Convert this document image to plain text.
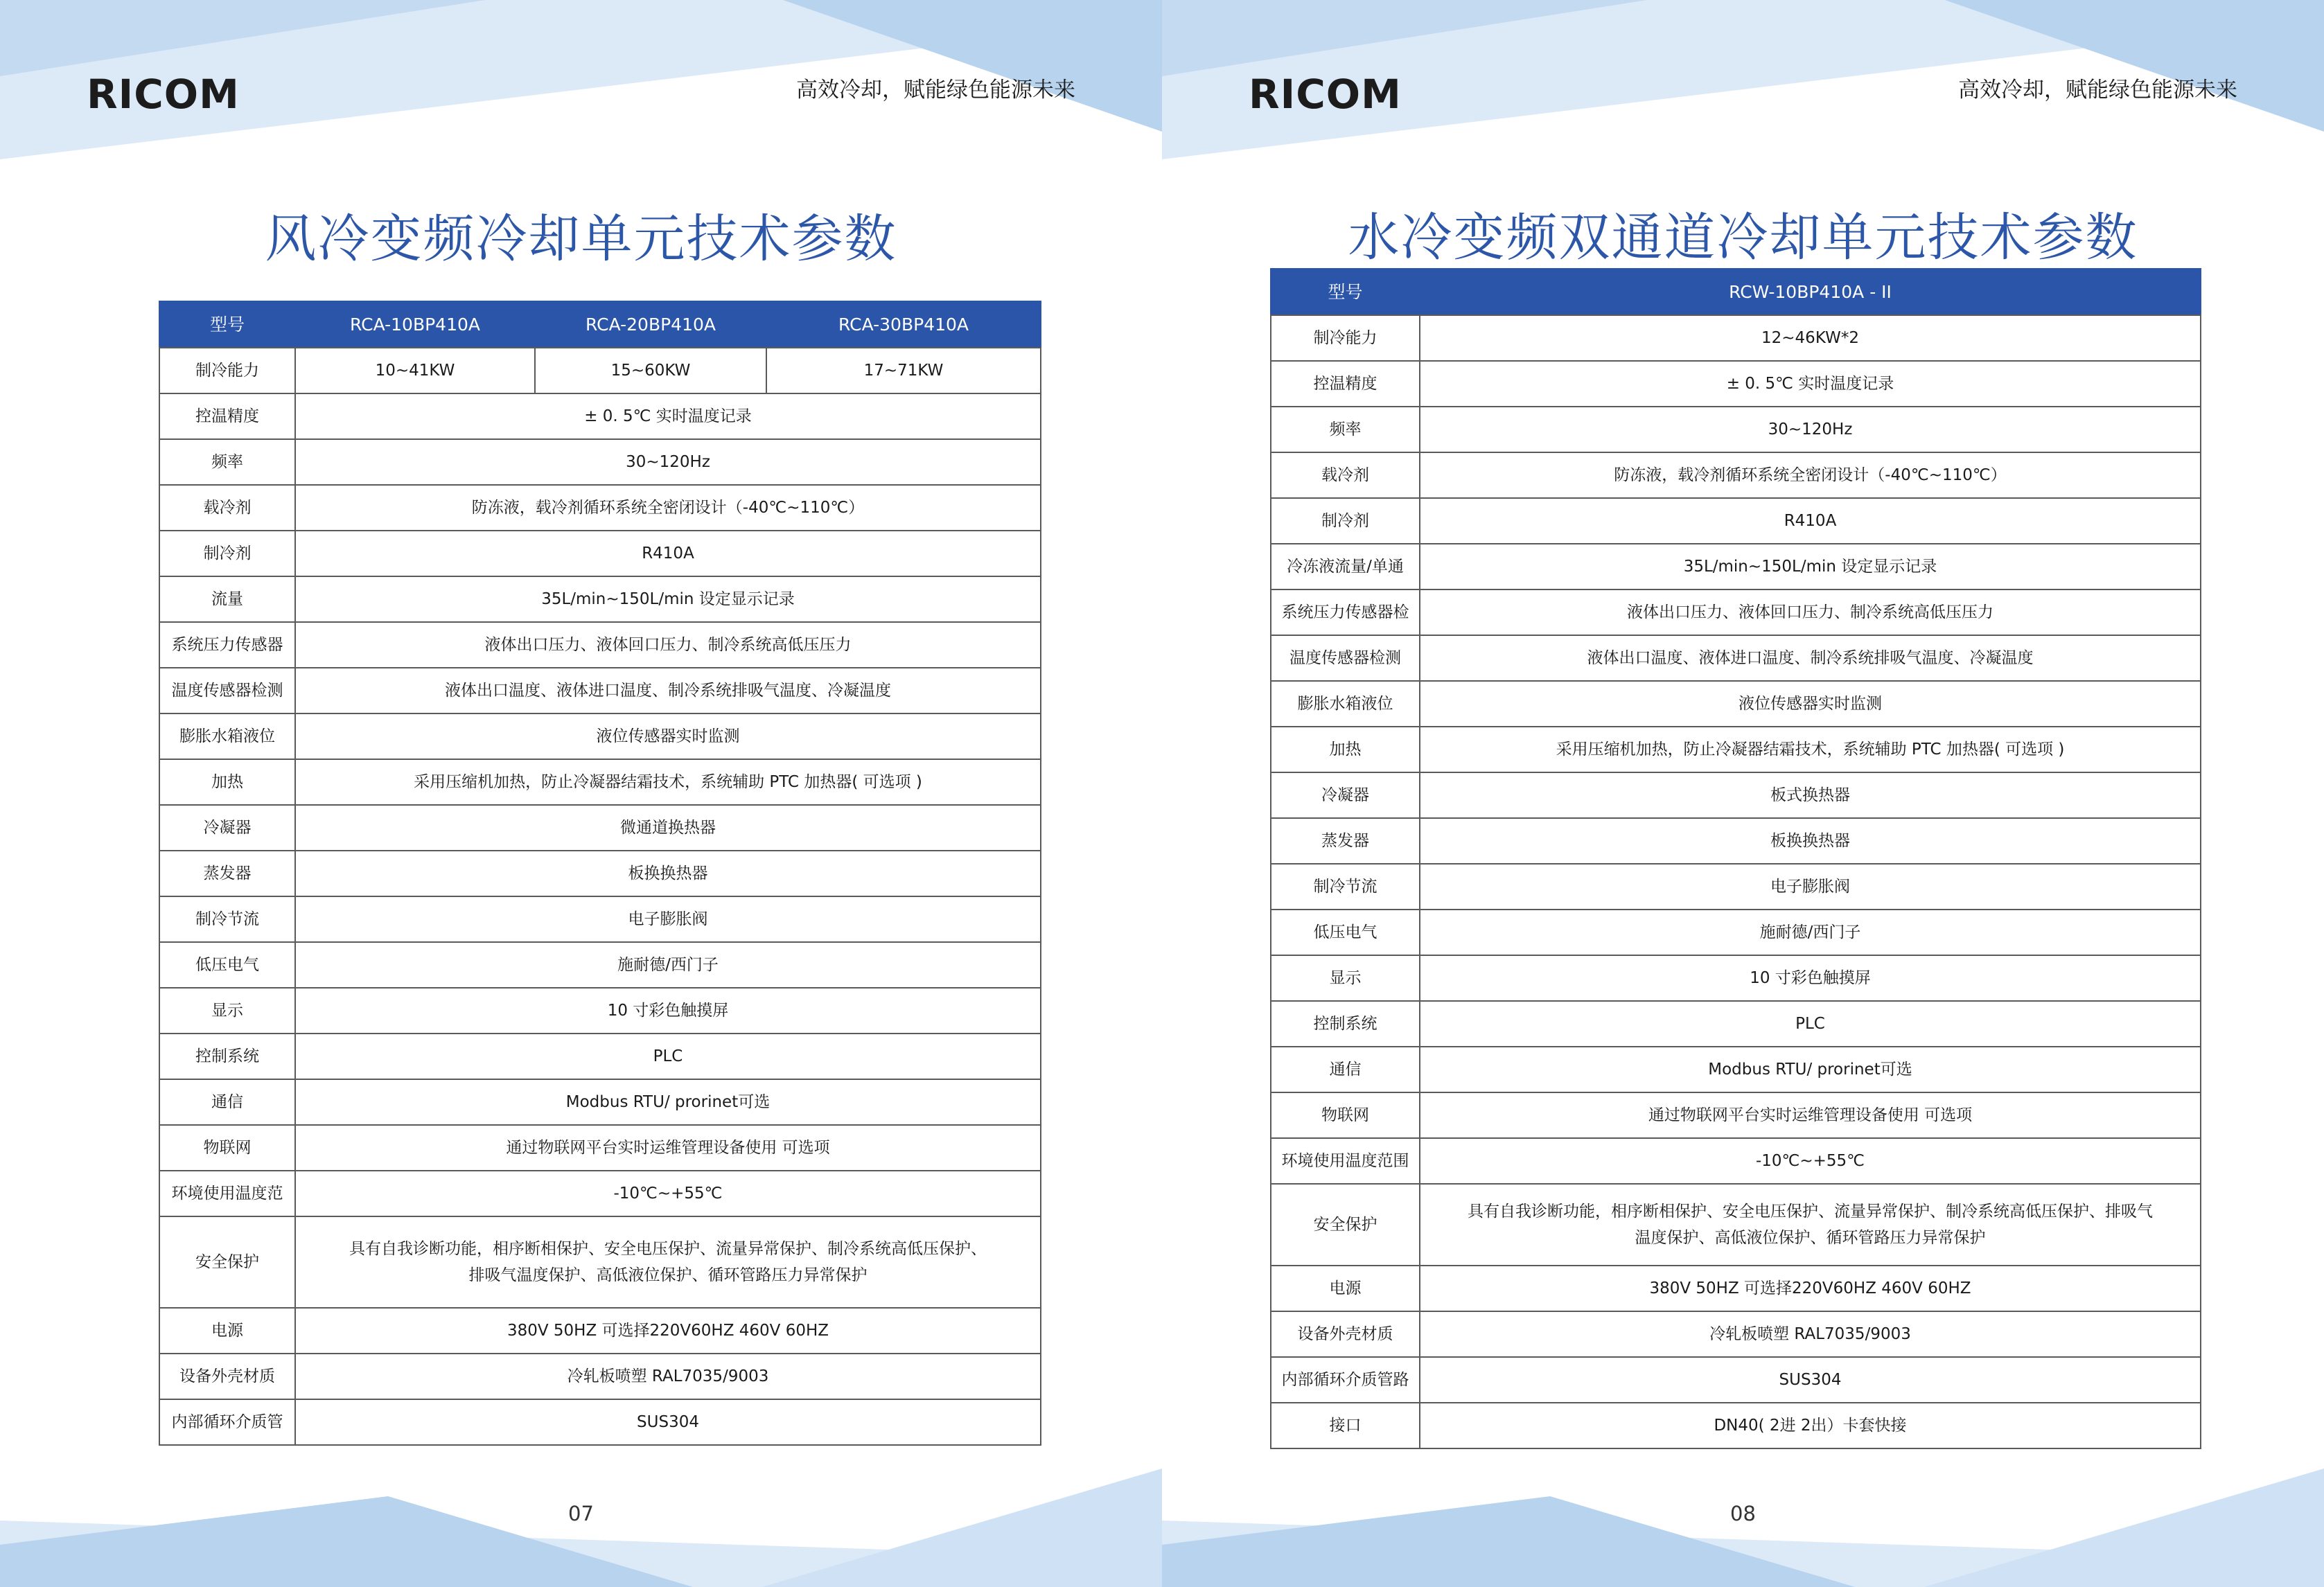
RICOM	高效冷却，赋能绿色能源未来
风冷变频冷却单元技术参数
型号	RCA-10BP410A	RCA-20BP410A	RCA-30BP410A
制冷能力	10~41KW	15~60KW	17~71KW
控温精度	± 0. 5℃ 实时温度记录		
频率	30~120Hz		
载冷剂	防冻液，载冷剂循环系统全密闭设计（-40℃~110℃）		
制冷剂	R410A		
流量	35L/min~150L/min 设定显示记录		
系统压力传感器	液体出口压力、液体回口压力、制冷系统高低压压力		
温度传感器检测	液体出口温度、液体进口温度、制冷系统排吸气温度、冷凝温度		
膨胀水箱液位	液位传感器实时监测		
加热	采用压缩机加热，防止冷凝器结霜技术，系统辅助 PTC 加热器( 可选项 )		
冷凝器	微通道换热器		
蒸发器	板换换热器		
制冷节流	电子膨胀阀		
低压电气	施耐德/西门子		
显示	10 寸彩色触摸屏		
控制系统	PLC		
通信	Modbus RTU/ prorinet可选		
物联网	通过物联网平台实时运维管理设备使用 可选项		
环境使用温度范	-10℃~+55℃		
安全保护	具有自我诊断功能，相序断相保护、安全电压保护、流量异常保护、制冷系统高低压保护、
排吸气温度保护、高低液位保护、循环管路压力异常保护		
电源	380V 50HZ 可选择220V60HZ 460V 60HZ		
设备外壳材质	冷轧板喷塑 RAL7035/9003		
内部循环介质管	SUS304		
07
RICOM	高效冷却，赋能绿色能源未来
水冷变频双通道冷却单元技术参数
型号	RCW-10BP410A - II
制冷能力	12~46KW*2
控温精度	± 0. 5℃ 实时温度记录
频率	30~120Hz
载冷剂	防冻液，载冷剂循环系统全密闭设计（-40℃~110℃）
制冷剂	R410A
冷冻液流量/单通	35L/min~150L/min 设定显示记录
系统压力传感器检	液体出口压力、液体回口压力、制冷系统高低压压力
温度传感器检测	液体出口温度、液体进口温度、制冷系统排吸气温度、冷凝温度
膨胀水箱液位	液位传感器实时监测
加热	采用压缩机加热，防止冷凝器结霜技术，系统辅助 PTC 加热器( 可选项 )
冷凝器	板式换热器
蒸发器	板换换热器
制冷节流	电子膨胀阀
低压电气	施耐德/西门子
显示	10 寸彩色触摸屏
控制系统	PLC
通信	Modbus RTU/ prorinet可选
物联网	通过物联网平台实时运维管理设备使用 可选项
环境使用温度范围	-10℃~+55℃
安全保护	具有自我诊断功能，相序断相保护、安全电压保护、流量异常保护、制冷系统高低压保护、排吸气
温度保护、高低液位保护、循环管路压力异常保护
电源	380V 50HZ 可选择220V60HZ 460V 60HZ
设备外壳材质	冷轧板喷塑 RAL7035/9003
内部循环介质管路	SUS304
接口	DN40( 2进 2出）卡套快接
08
